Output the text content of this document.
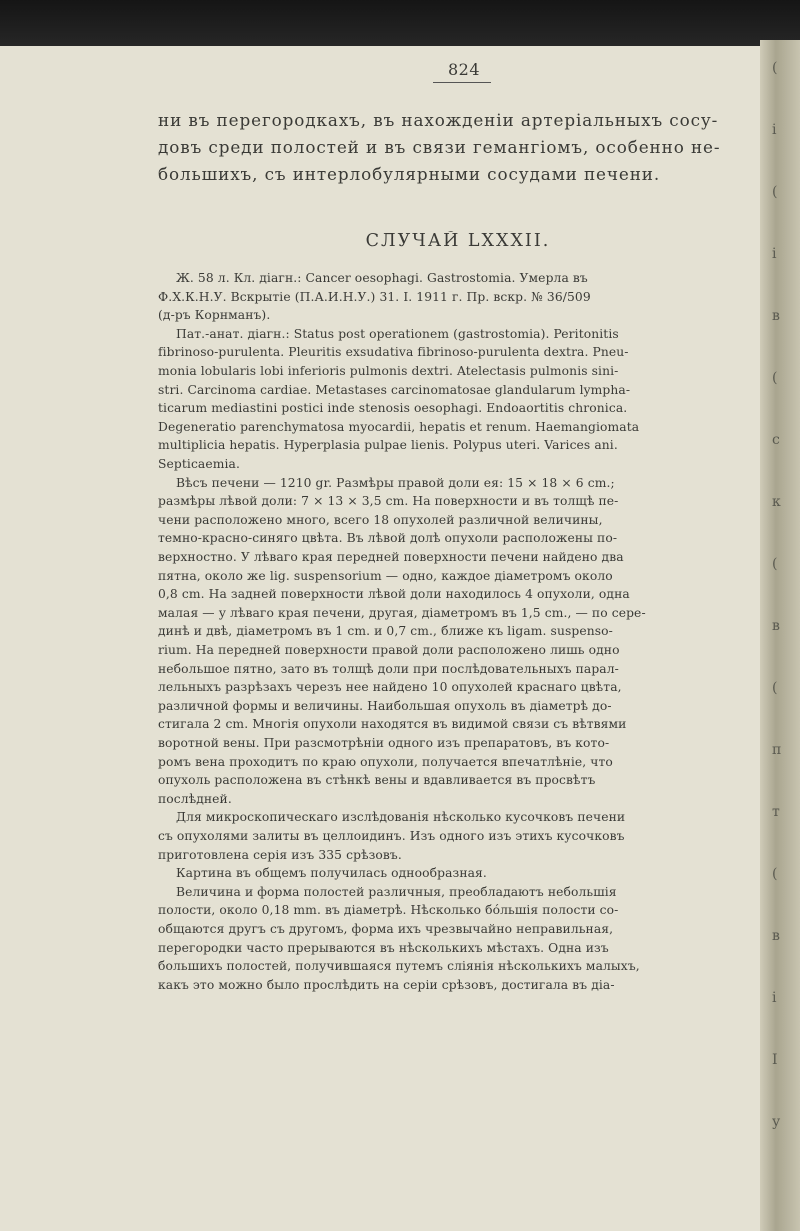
(
і
(
і
в
(
с
к
(
в
(
п
т
(
в
і
І
у
824
ни въ перегородкахъ, въ нахожденіи артеріальныхъ сосу-
довъ среди полостей и въ связи гемангіомъ, особенно не-
большихъ, съ интерлобулярными сосудами печени.
СЛУЧАЙ LXXXII.
Ж. 58 л. Кл. діагн.: Cancer oesophagi. Gastrostomia. Умерла въ
Ф.Х.К.Н.У. Вскрытіе (П.А.И.Н.У.) 31. I. 1911 г. Пр. вскр. № 36/509
(д-ръ Корнманъ).
Пат.-анат. діагн.: Status post operationem (gastrostomia). Peritonitis
fibrinoso-purulenta. Pleuritis exsudativa fibrinoso-purulenta dextra. Pneu-
monia lobularis lobi inferioris pulmonis dextri. Atelectasis pulmonis sini-
stri. Carcinoma cardiae. Metastases carcinomatosae glandularum lympha-
ticarum mediastini postici inde stenosis oesophagi. Endoaortitis chronica.
Degeneratio parenchymatosa myocardii, hepatis et renum. Haemangiomata
multiplicia hepatis. Hyperplasia pulpae lienis. Polypus uteri. Varices ani.
Septicaemia.
Вѣсъ печени — 1210 gr. Размѣры правой доли ея: 15 × 18 × 6 cm.;
размѣры лѣвой доли: 7 × 13 × 3,5 cm. На поверхности и въ толщѣ пе-
чени расположено много, всего 18 опухолей различной величины,
темно-красно-синяго цвѣта. Въ лѣвой долѣ опухоли расположены по-
верхностно. У лѣваго края передней поверхности печени найдено два
пятна, около же lig. suspensorium — одно, каждое діаметромъ около
0,8 cm. На задней поверхности лѣвой доли находилось 4 опухоли, одна
малая — у лѣваго края печени, другая, діаметромъ въ 1,5 cm., — по сере-
динѣ и двѣ, діаметромъ въ 1 cm. и 0,7 cm., ближе къ ligam. suspenso-
rium. На передней поверхности правой доли расположено лишь одно
небольшое пятно, зато въ толщѣ доли при послѣдовательныхъ парал-
лельныхъ разрѣзахъ черезъ нее найдено 10 опухолей краснаго цвѣта,
различной формы и величины. Наибольшая опухоль въ діаметрѣ до-
стигала 2 cm. Многія опухоли находятся въ видимой связи съ вѣтвями
воротной вены. При разсмотрѣніи одного изъ препаратовъ, въ кото-
ромъ вена проходитъ по краю опухоли, получается впечатлѣніе, что
опухоль расположена въ стѣнкѣ вены и вдавливается въ просвѣтъ
послѣдней.
Для микроскопическаго изслѣдованія нѣсколько кусочковъ печени
съ опухолями залиты въ целлоидинъ. Изъ одного изъ этихъ кусочковъ
приготовлена серія изъ 335 срѣзовъ.
Картина въ общемъ получилась однообразная.
Величина и форма полостей различныя, преобладаютъ небольшія
полости, около 0,18 mm. въ діаметрѣ. Нѣсколько бóльшія полости со-
общаются другъ съ другомъ, форма ихъ чрезвычайно неправильная,
перегородки часто прерываются въ нѣсколькихъ мѣстахъ. Одна изъ
большихъ полостей, получившаяся путемъ сліянія нѣсколькихъ малыхъ,
какъ это можно было прослѣдить на серіи срѣзовъ, достигала въ діа-
